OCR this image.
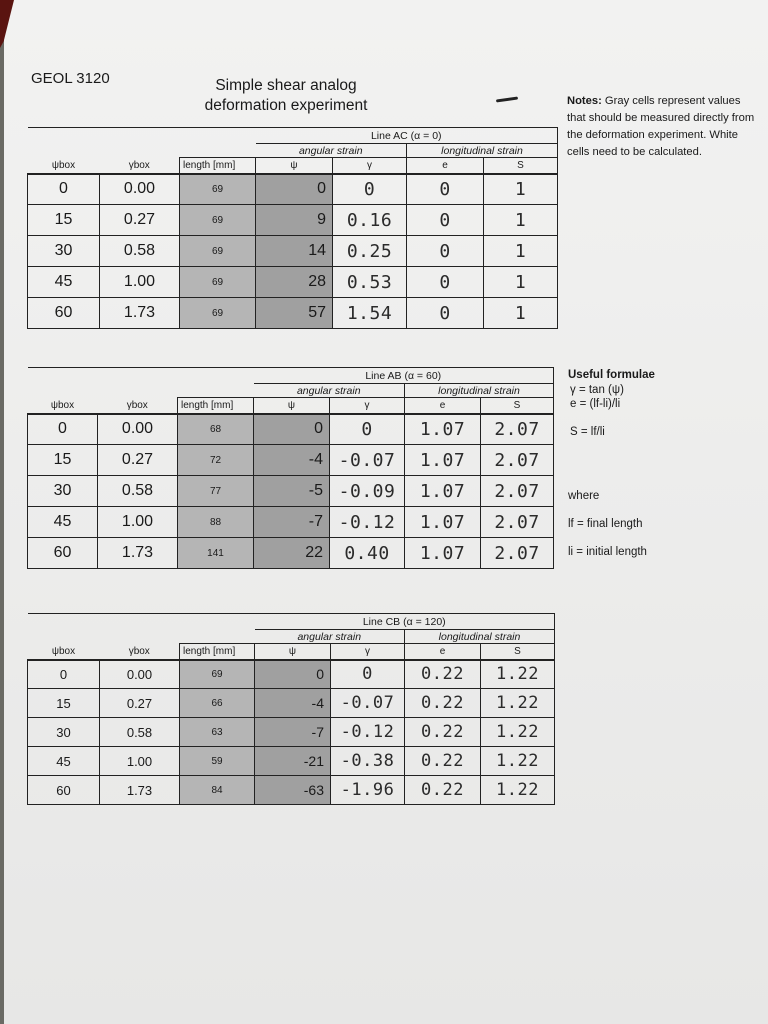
GEOL 3120	Simple shear analog
deformation experiment	Notes: Gray cells represent values that should be measured directly from the deformation experiment. White cells need to be calculated.
Useful formulae
γ = tan (ψ)
e = (lf-li)/li
S = lf/li
where
lf = final length
li = initial length
			Line AC (α = 0)			
			angular strain		longitudinal strain	
ψbox	γbox	length [mm]	ψ	γ	e	S
0	0.00	69	0	0	0	1
15	0.27	69	9	0.16	0	1
30	0.58	69	14	0.25	0	1
45	1.00	69	28	0.53	0	1
60	1.73	69	57	1.54	0	1
			Line AB (α = 60)			
			angular strain		longitudinal strain	
ψbox	γbox	length [mm]	ψ	γ	e	S
0	0.00	68	0	0	1.07	2.07
15	0.27	72	-4	-0.07	1.07	2.07
30	0.58	77	-5	-0.09	1.07	2.07
45	1.00	88	-7	-0.12	1.07	2.07
60	1.73	141	22	0.40	1.07	2.07
			Line CB (α = 120)			
			angular strain		longitudinal strain	
ψbox	γbox	length [mm]	ψ	γ	e	S
0	0.00	69	0	0	0.22	1.22
15	0.27	66	-4	-0.07	0.22	1.22
30	0.58	63	-7	-0.12	0.22	1.22
45	1.00	59	-21	-0.38	0.22	1.22
60	1.73	84	-63	-1.96	0.22	1.22
